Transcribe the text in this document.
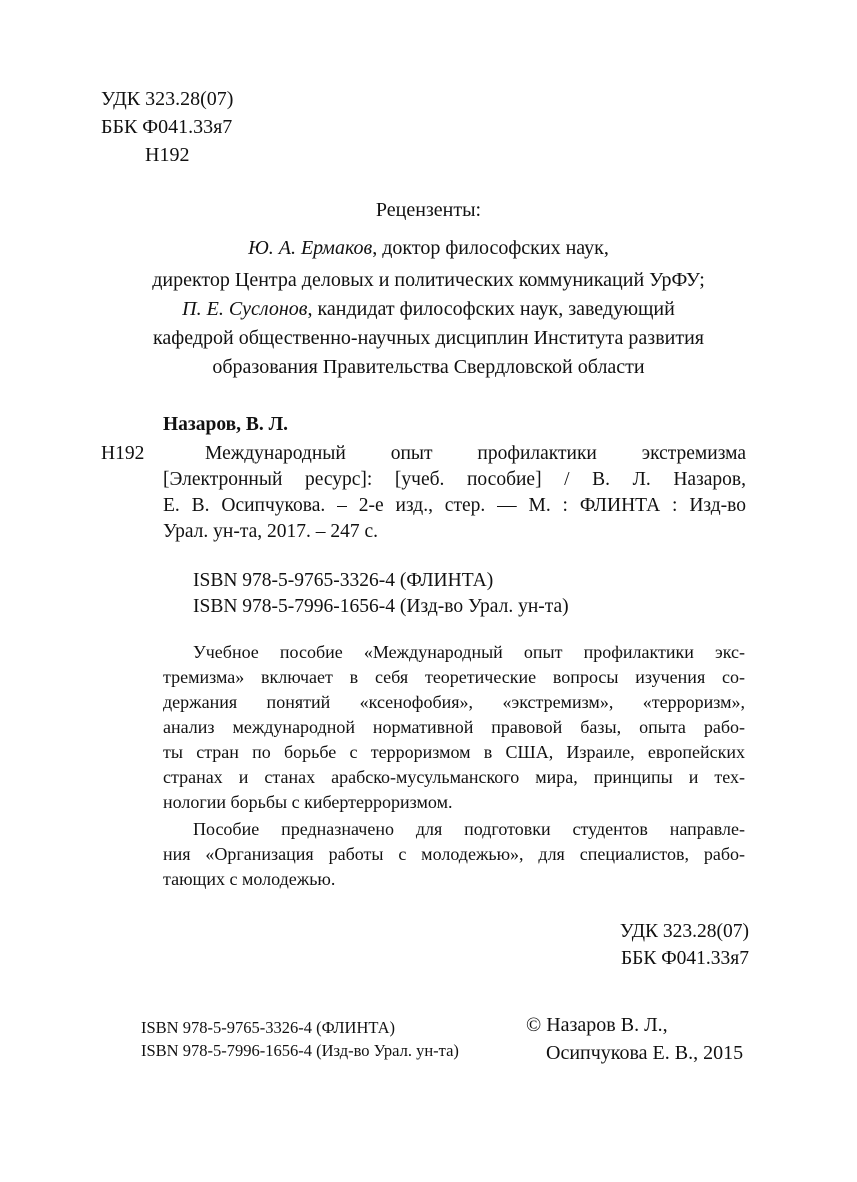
УДК 323.28(07)
ББК Ф041.33я7
Н192
Рецензенты:
Ю. А. Ермаков, доктор философских наук,
директор Центра деловых и политических коммуникаций УрФУ;
П. Е. Суслонов, кандидат философских наук, заведующий
кафедрой общественно-научных дисциплин Института развития
образования Правительства Свердловской области
Назаров, В. Л.
Н192	Международный опыт профилактики экстремизма
[Электронный ресурс]: [учеб. пособие] / В. Л. Назаров,
Е. В. Осипчукова. – 2-е изд., стер. — М. : ФЛИНТА : Изд-во
Урал. ун-та, 2017. – 247 с.
ISBN 978-5-9765-3326-4 (ФЛИНТА)
ISBN 978-5-7996-1656-4 (Изд-во Урал. ун-та)
Учебное пособие «Международный опыт профилактики экс-
тремизма» включает в себя теоретические вопросы изучения со-
держания понятий «ксенофобия», «экстремизм», «терроризм»,
анализ международной нормативной правовой базы, опыта рабо-
ты стран по борьбе с терроризмом в США, Израиле, европейских
странах и станах арабско-мусульманского мира, принципы и тех-
нологии борьбы с кибертерроризмом.
Пособие предназначено для подготовки студентов направле-
ния «Организация работы с молодежью», для специалистов, рабо-
тающих с молодежью.
УДК 323.28(07)
ББК Ф041.33я7
ISBN 978-5-9765-3326-4 (ФЛИНТА)
ISBN 978-5-7996-1656-4 (Изд-во Урал. ун-та)
© Назаров В. Л.,
Осипчукова Е. В., 2015
